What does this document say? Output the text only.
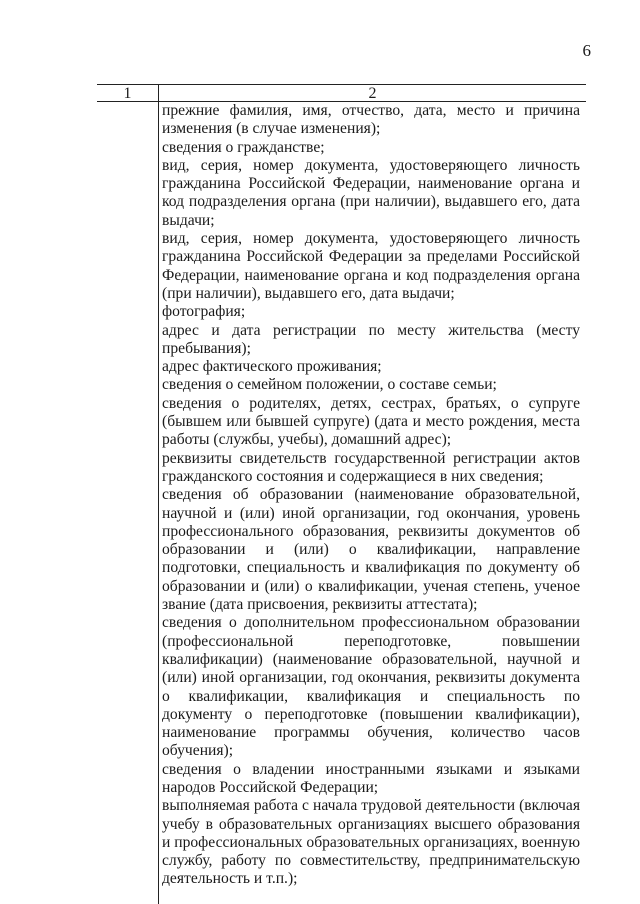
6
1	2

прежние фамилия, имя, отчество, дата, место и причина изменения (в случае изменения);

сведения о гражданстве;

вид, серия, номер документа, удостоверяющего личность гражданина Российской Федерации, наименование органа и код подразделения органа (при наличии), выдавшего его, дата выдачи;

вид, серия, номер документа, удостоверяющего личность гражданина Российской Федерации за пределами Российской Федерации, наименование органа и код подразделения органа (при наличии), выдавшего его, дата выдачи;

фотография;

адрес и дата регистрации по месту жительства (месту пребывания);

адрес фактического проживания;

сведения о семейном положении, о составе семьи;

сведения о родителях, детях, сестрах, братьях, о супруге (бывшем или бывшей супруге) (дата и место рождения, места работы (службы, учебы), домашний адрес);

реквизиты свидетельств государственной регистрации актов гражданского состояния и содержащиеся в них сведения;

сведения об образовании (наименование образовательной, научной и (или) иной организации, год окончания, уровень профессионального образования, реквизиты документов об образовании и (или) о квалификации, направление подготовки, специальность и квалификация по документу об образовании и (или) о квалификации, ученая степень, ученое звание (дата присвоения, реквизиты аттестата);

сведения о дополнительном профессиональном образовании (профессиональной переподготовке, повышении квалификации) (наименование образовательной, научной и (или) иной организации, год окончания, реквизиты документа о квалификации, квалификация и специальность по документу о переподготовке (повышении квалификации), наименование программы обучения, количество часов обучения);

сведения о владении иностранными языками и языками народов Российской Федерации;

выполняемая работа с начала трудовой деятельности (включая учебу в образовательных организациях высшего образования и профессиональных образовательных организациях, военную службу, работу по совместительству, предпринимательскую деятельность и т.п.);
